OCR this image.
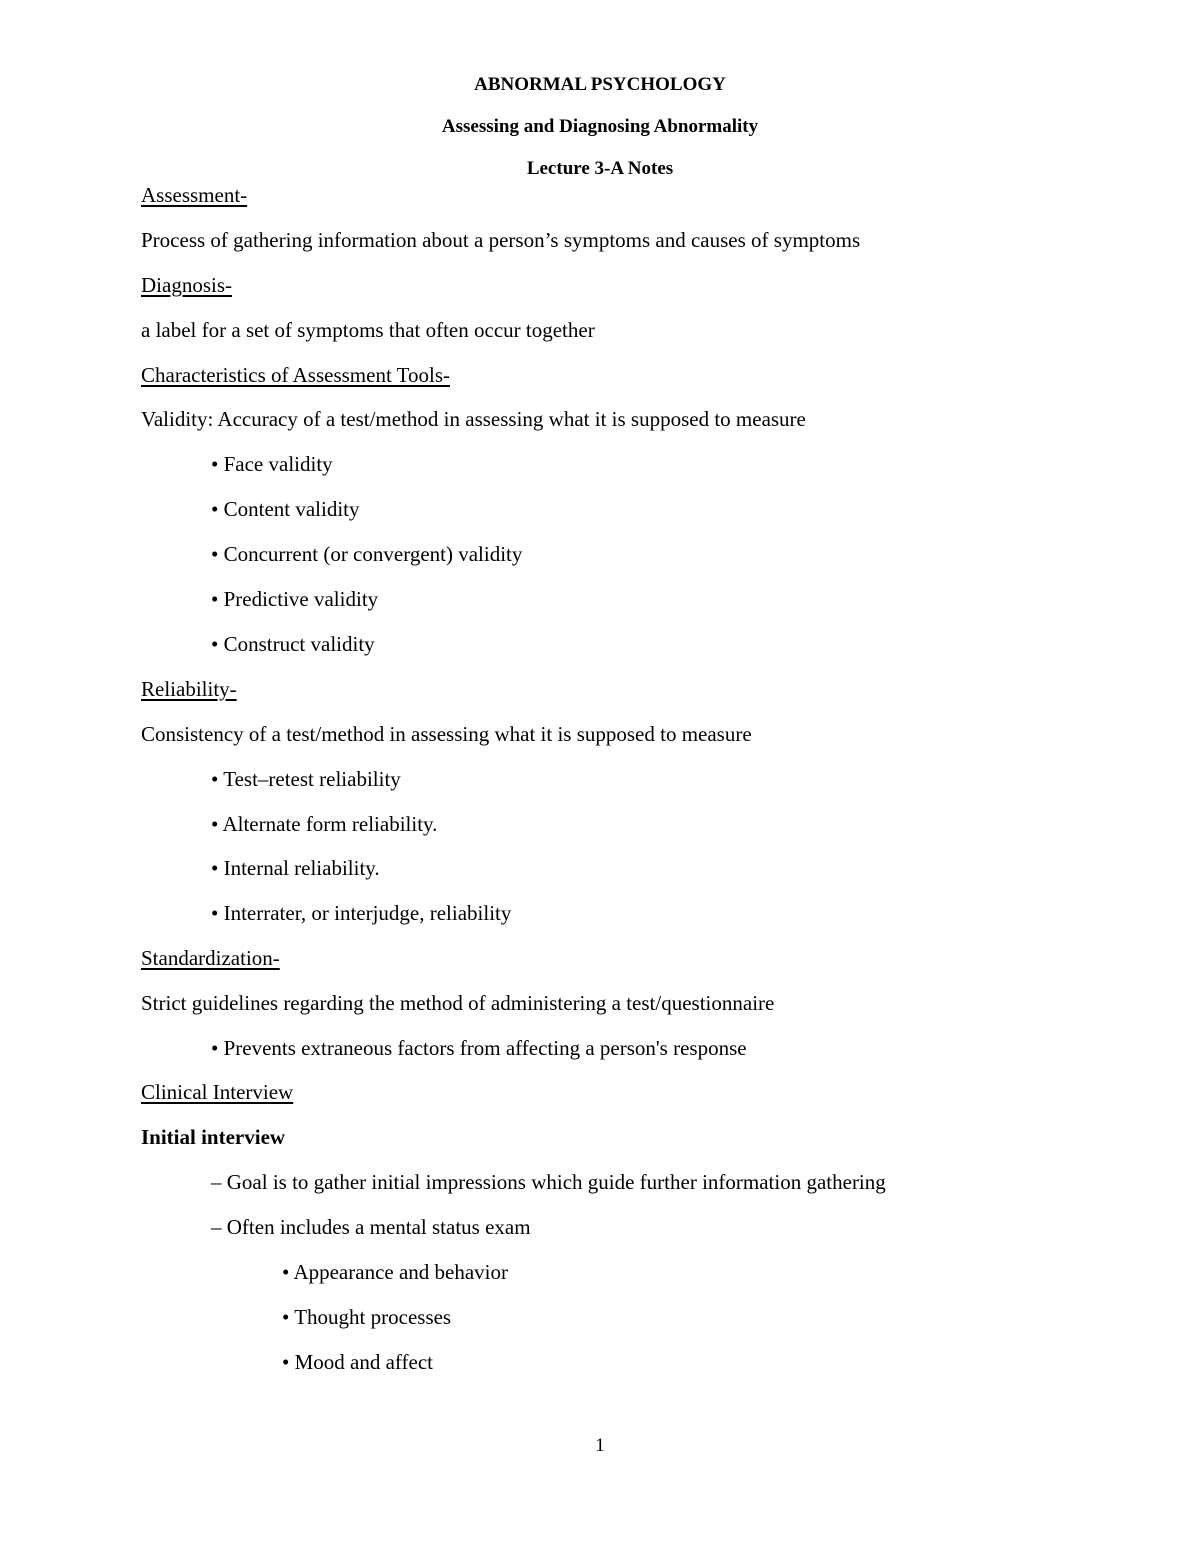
ABNORMAL PSYCHOLOGY
Assessing and Diagnosing Abnormality
Lecture 3-A Notes
Assessment-
Process of gathering information about a person’s symptoms and causes of symptoms
Diagnosis-
a label for a set of symptoms that often occur together
Characteristics of Assessment Tools-
Validity: Accuracy of a test/method in assessing what it is supposed to measure
• Face validity
• Content validity
• Concurrent (or convergent) validity
• Predictive validity
• Construct validity
Reliability-
Consistency of a test/method in assessing what it is supposed to measure
• Test–retest reliability
• Alternate form reliability.
• Internal reliability.
• Interrater, or interjudge, reliability
Standardization-
Strict guidelines regarding the method of administering a test/questionnaire
• Prevents extraneous factors from affecting a person's response
Clinical Interview
Initial interview
– Goal is to gather initial impressions which guide further information gathering
– Often includes a mental status exam
• Appearance and behavior
• Thought processes
• Mood and affect
1
